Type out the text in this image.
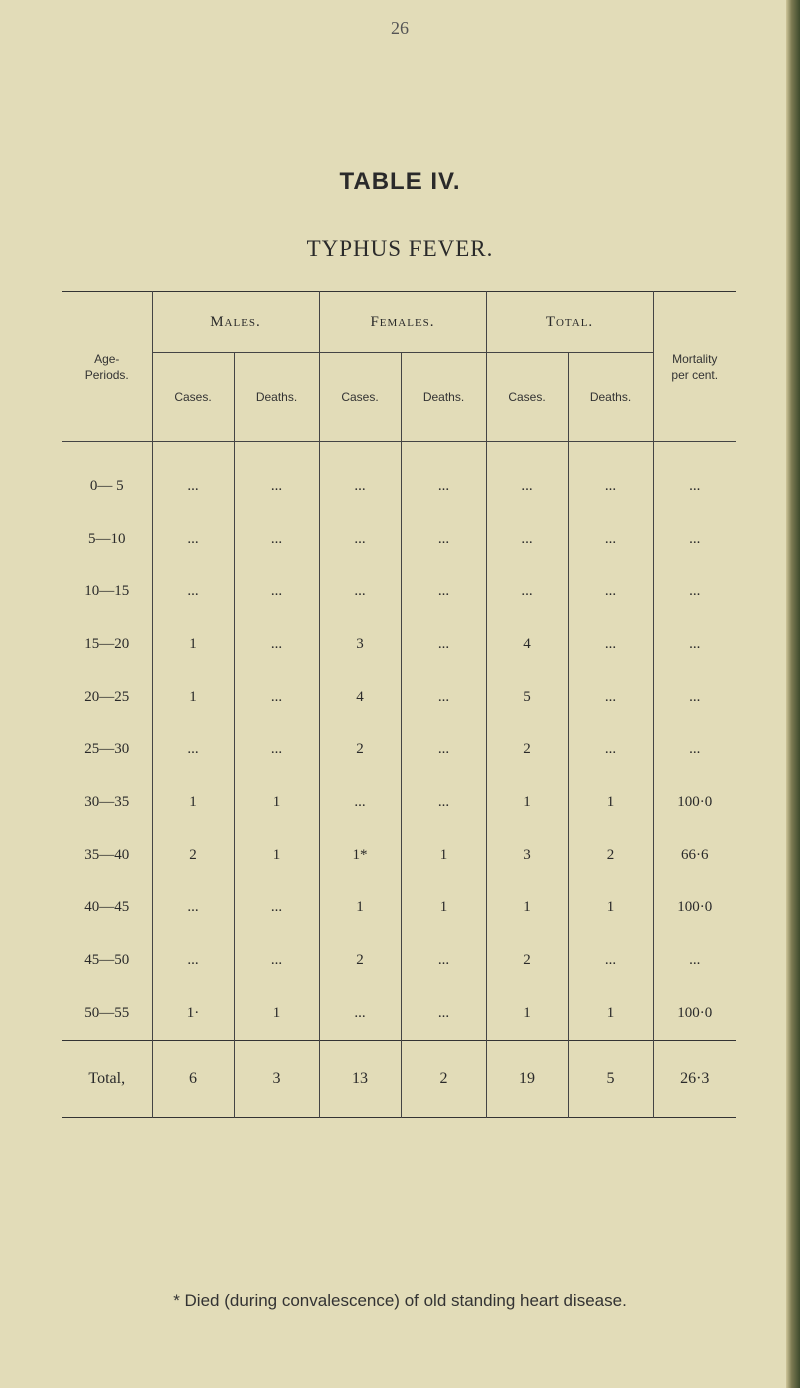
26
TABLE IV.
TYPHUS FEVER.
Age-
Periods.	Males.		Females.		Total.		Mortality
per cent.
	Cases.	Deaths.	Cases.	Deaths.	Cases.	Deaths.	
0— 5	...	...	...	...	...	...	...
5—10	...	...	...	...	...	...	...
10—15	...	...	...	...	...	...	...
15—20	1	...	3	...	4	...	...
20—25	1	...	4	...	5	...	...
25—30	...	...	2	...	2	...	...
30—35	1	1	...	...	1	1	100·0
35—40	2	1	1*	1	3	2	66·6
40—45	...	...	1	1	1	1	100·0
45—50	...	...	2	...	2	...	...
50—55	1·	1	...	...	1	1	100·0
Total,	6	3	13	2	19	5	26·3
* Died (during convalescence) of old standing heart disease.
